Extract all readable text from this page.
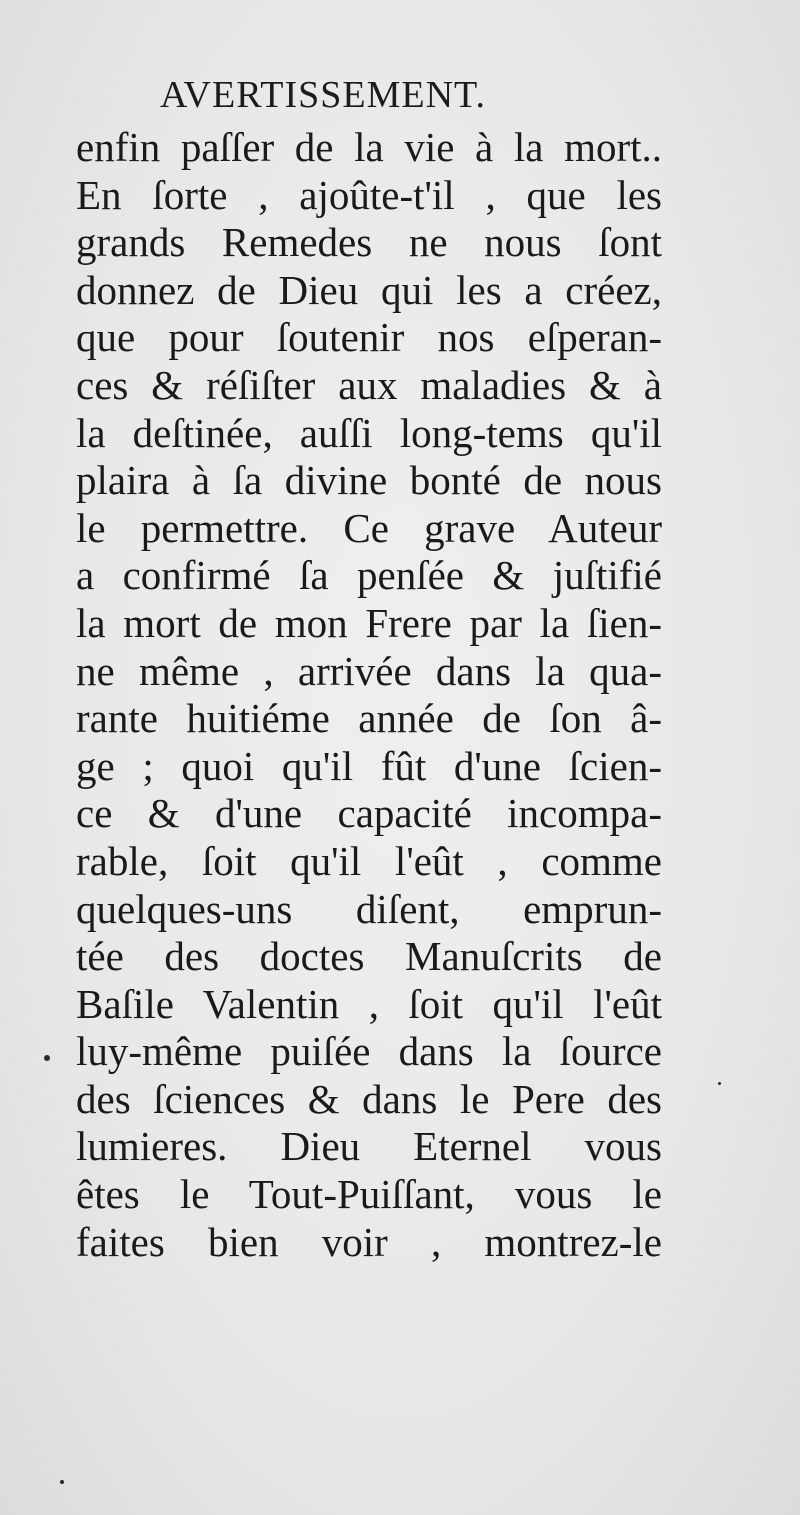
AVERTISSEMENT.
enfin paſſer de la vie à la mort..
En ſorte , ajoûte-t'il , que les
grands Remedes ne nous ſont
donnez de Dieu qui les a créez,
que pour ſoutenir nos eſperan-
ces & réſiſter aux maladies & à
la deſtinée, auſſi long-tems qu'il
plaira à ſa divine bonté de nous
le permettre. Ce grave Auteur
a confirmé ſa penſée & juſtifié
la mort de mon Frere par la ſien-
ne même , arrivée dans la qua-
rante huitiéme année de ſon â-
ge ; quoi qu'il fût d'une ſcien-
ce & d'une capacité incompa-
rable, ſoit qu'il l'eût , comme
quelques-uns diſent, emprun-
tée des doctes Manuſcrits de
Baſile Valentin , ſoit qu'il l'eût
luy-même puiſée dans la ſource
des ſciences & dans le Pere des
lumieres. Dieu Eternel vous
êtes le Tout-Puiſſant, vous le
faites bien voir , montrez-le
